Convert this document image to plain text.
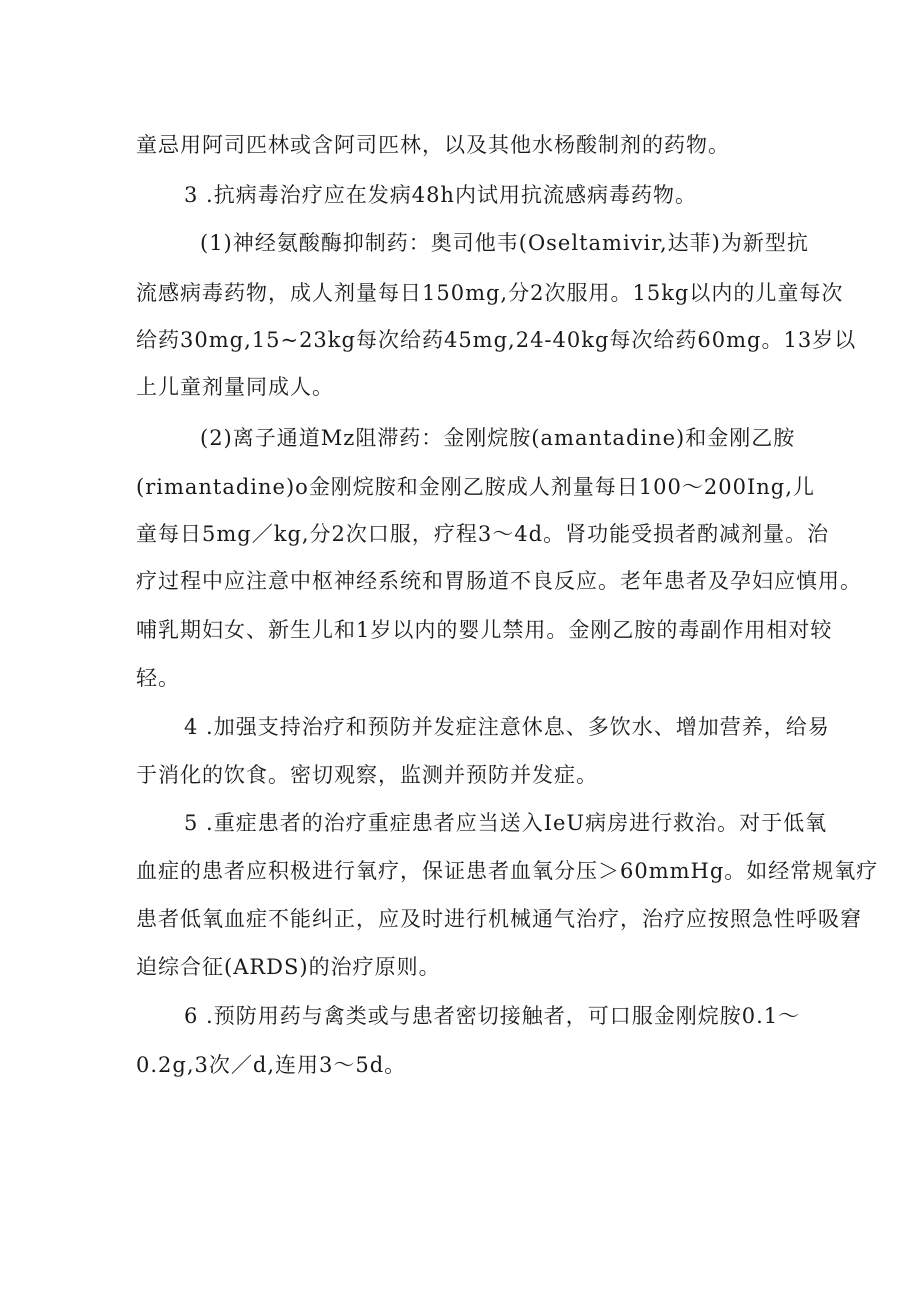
童忌用阿司匹林或含阿司匹林，以及其他水杨酸制剂的药物。
3 .抗病毒治疗应在发病48h内试用抗流感病毒药物。
(1)神经氨酸酶抑制药：奥司他韦(Oseltamivir,达菲)为新型抗
流感病毒药物，成人剂量每日150mg,分2次服用。15kg以内的儿童每次
给药30mg,15~23kg每次给药45mg,24-40kg每次给药60mg。13岁以
上儿童剂量同成人。
(2)离子通道Mz阻滞药：金刚烷胺(amantadine)和金刚乙胺
(rimantadine)o金刚烷胺和金刚乙胺成人剂量每日100～200Ing,儿
童每日5mg／kg,分2次口服，疗程3～4d。肾功能受损者酌减剂量。治
疗过程中应注意中枢神经系统和胃肠道不良反应。老年患者及孕妇应慎用。
哺乳期妇女、新生儿和1岁以内的婴儿禁用。金刚乙胺的毒副作用相对较
轻。
4 .加强支持治疗和预防并发症注意休息、多饮水、增加营养，给易
于消化的饮食。密切观察，监测并预防并发症。
5 .重症患者的治疗重症患者应当送入IeU病房进行救治。对于低氧
血症的患者应积极进行氧疗，保证患者血氧分压＞60mmHg。如经常规氧疗
患者低氧血症不能纠正，应及时进行机械通气治疗，治疗应按照急性呼吸窘
迫综合征(ARDS)的治疗原则。
6 .预防用药与禽类或与患者密切接触者，可口服金刚烷胺0.1～
0.2g,3次／d,连用3～5d。
